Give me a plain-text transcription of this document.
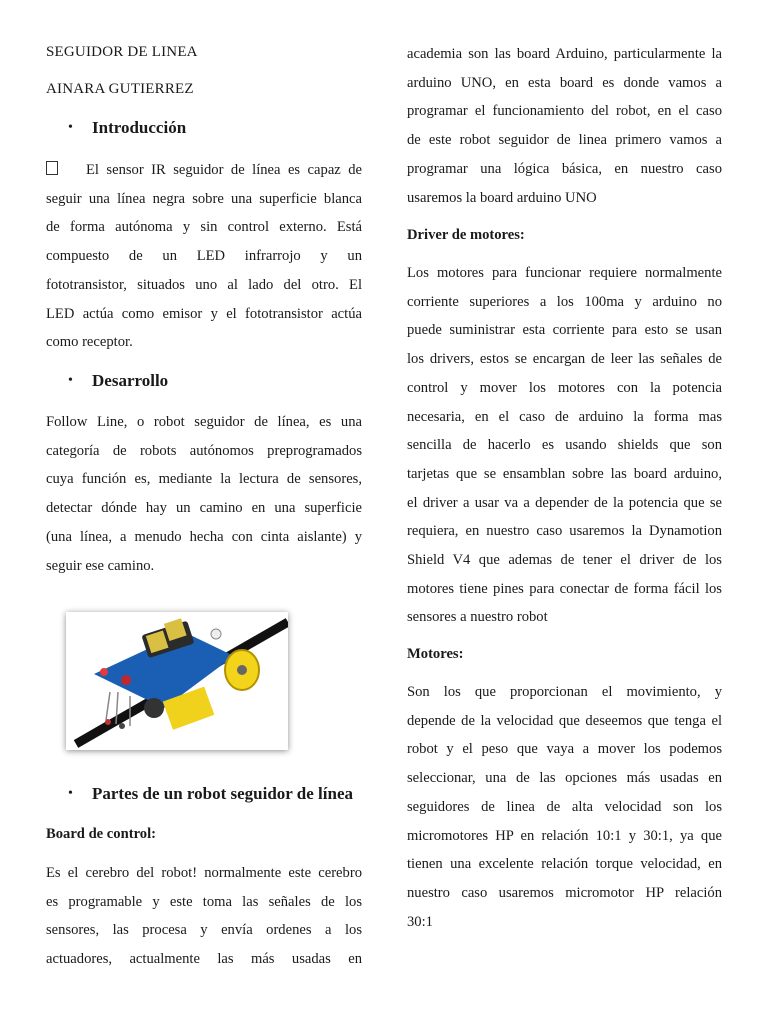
SEGUIDOR DE LINEA
AINARA GUTIERREZ
• Introducción
El sensor IR seguidor de línea es capaz de
seguir una línea negra sobre una superficie blanca
de forma autónoma y sin control externo. Está
compuesto de un LED infrarrojo y un
fototransistor, situados uno al lado del otro. El
LED actúa como emisor y el fototransistor actúa
como receptor.
• Desarrollo
Follow Line, o robot seguidor de línea, es una
categoría de robots autónomos preprogramados
cuya función es, mediante la lectura de sensores,
detectar dónde hay un camino en una superficie
(una línea, a menudo hecha con cinta aislante) y
seguir ese camino.
• Partes de un robot seguidor de línea
Board de control:
Es el cerebro del robot! normalmente este cerebro
es programable y este toma las señales de los
sensores, las procesa y envía ordenes a los
actuadores, actualmente las más usadas en
academia son las board Arduino, particularmente la
arduino UNO, en esta board es donde vamos a
programar el funcionamiento del robot, en el caso
de este robot seguidor de linea primero vamos a
programar una lógica básica, en nuestro caso
usaremos la board arduino UNO
Driver de motores:
Los motores para funcionar requiere normalmente
corriente superiores a los 100ma y arduino no
puede suministrar esta corriente para esto se usan
los drivers, estos se encargan de leer las señales de
control y mover los motores con la potencia
necesaria, en el caso de arduino la forma mas
sencilla de hacerlo es usando shields que son
tarjetas que se ensamblan sobre las board arduino,
el driver a usar va a depender de la potencia que se
requiera, en nuestro caso usaremos la Dynamotion
Shield V4 que ademas de tener el driver de los
motores tiene pines para conectar de forma fácil los
sensores a nuestro robot
Motores:
Son los que proporcionan el movimiento, y
depende de la velocidad que deseemos que tenga el
robot y el peso que vaya a mover los podemos
seleccionar, una de las opciones más usadas en
seguidores de linea de alta velocidad son los
micromotores HP en relación 10:1 y 30:1, ya que
tienen una excelente relación torque velocidad, en
nuestro caso usaremos micromotor HP relación
30:1
